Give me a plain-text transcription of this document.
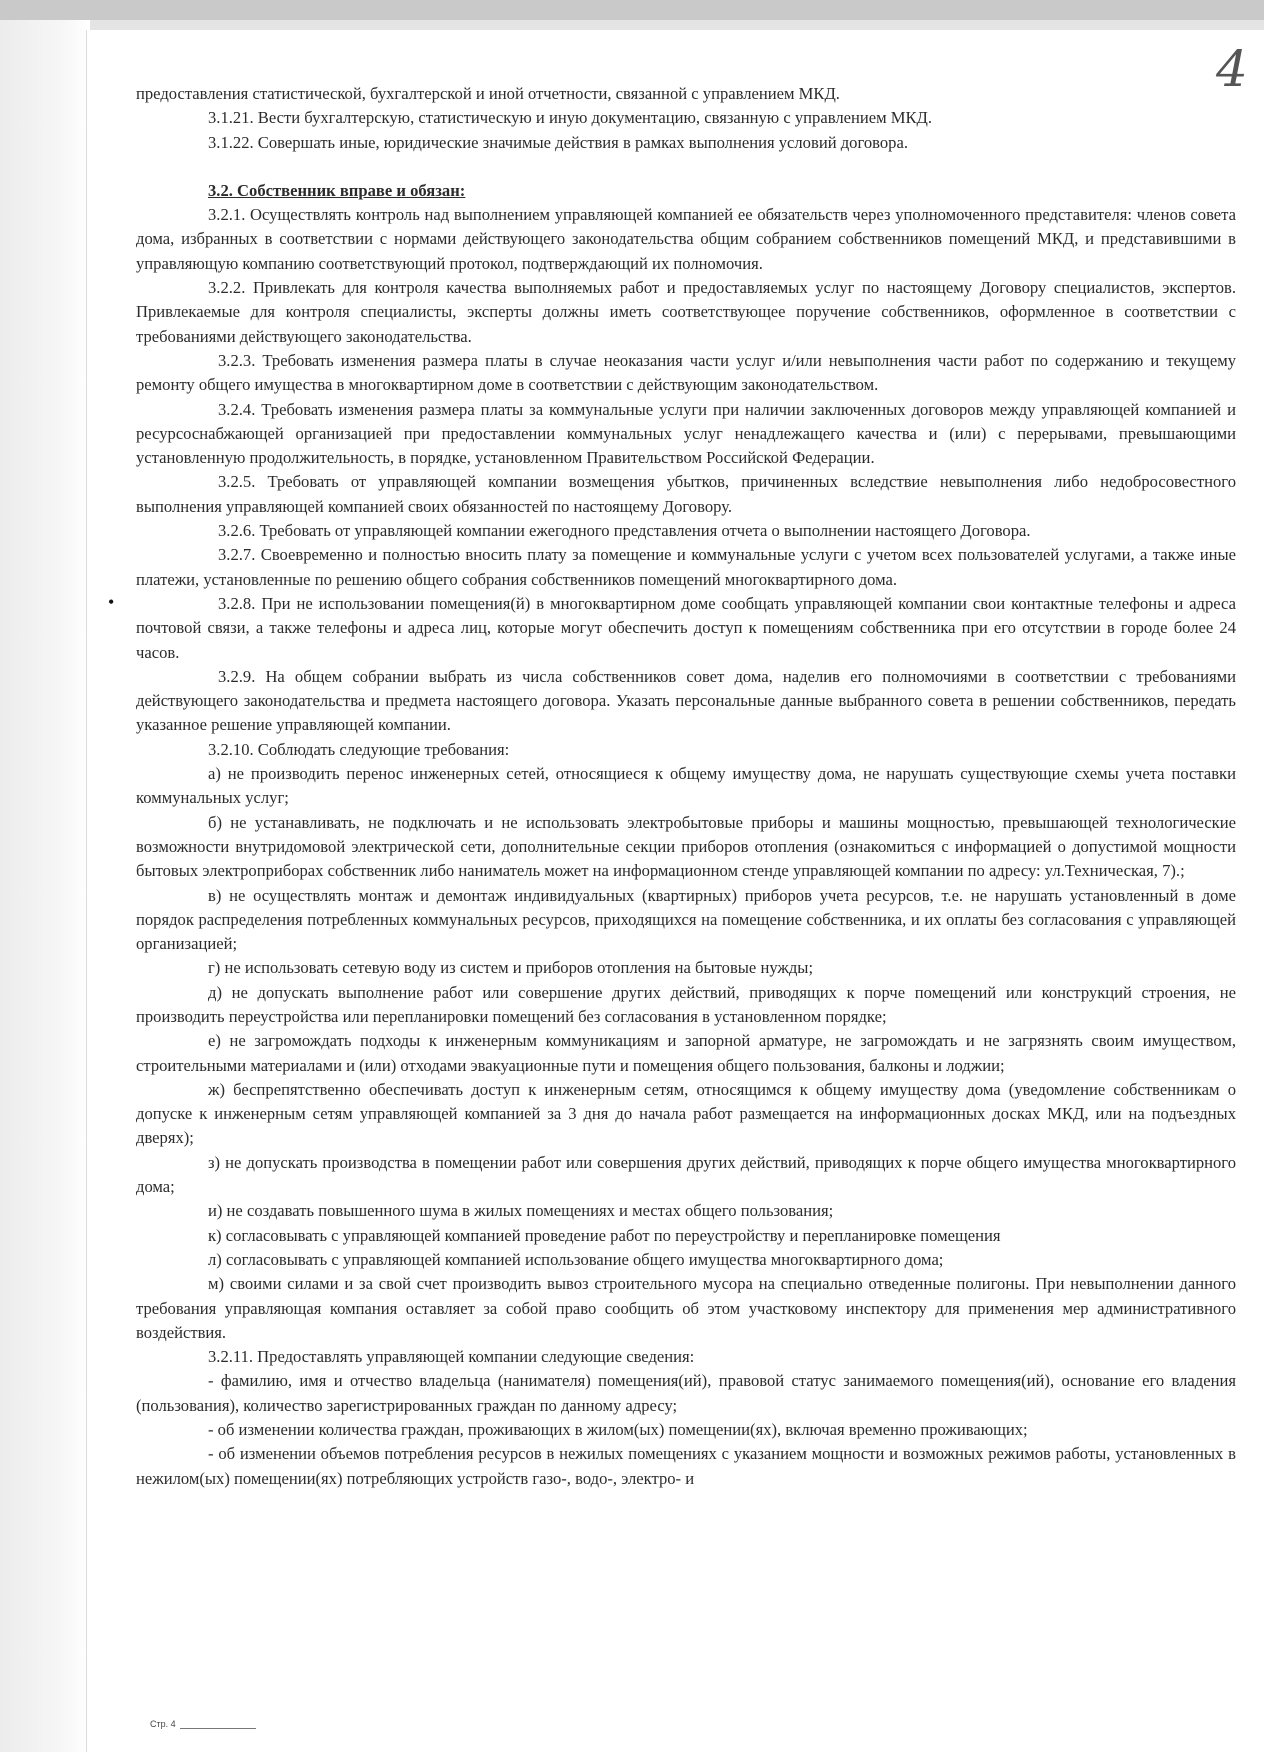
4
•

предоставления статистической, бухгалтерской и иной отчетности, связанной с управлением МКД.

3.1.21. Вести бухгалтерскую, статистическую и иную документацию, связанную с управлением МКД.

3.1.22. Совершать иные, юридические значимые действия в рамках выполнения условий договора.

3.2. Собственник вправе и обязан:

3.2.1. Осуществлять контроль над выполнением управляющей компанией ее обязательств через уполномоченного представителя: членов совета дома, избранных в соответствии с нормами действующего законодательства общим собранием собственников помещений МКД, и представившими в управляющую компанию соответствующий протокол, подтверждающий их полномочия.

3.2.2. Привлекать для контроля качества выполняемых работ и предоставляемых услуг по настоящему Договору специалистов, экспертов. Привлекаемые для контроля специалисты, эксперты должны иметь соответствующее поручение собственников, оформленное в соответствии с требованиями действующего законодательства.

3.2.3. Требовать изменения размера платы в случае неоказания части услуг и/или невыполнения части работ по содержанию и текущему ремонту общего имущества в многоквартирном доме в соответствии с действующим законодательством.

3.2.4. Требовать изменения размера платы за коммунальные услуги при наличии заключенных договоров между управляющей компанией и ресурсоснабжающей организацией при предоставлении коммунальных услуг ненадлежащего качества и (или) с перерывами, превышающими установленную продолжительность, в порядке, установленном Правительством Российской Федерации.

3.2.5. Требовать от управляющей компании возмещения убытков, причиненных вследствие невыполнения либо недобросовестного выполнения управляющей компанией своих обязанностей по настоящему Договору.

3.2.6. Требовать от управляющей компании ежегодного представления отчета о выполнении настоящего Договора.

3.2.7. Своевременно и полностью вносить плату за помещение и коммунальные услуги с учетом всех пользователей услугами, а также иные платежи, установленные по решению общего собрания собственников помещений многоквартирного дома.

3.2.8. При не использовании помещения(й) в многоквартирном доме сообщать управляющей компании свои контактные телефоны и адреса почтовой связи, а также телефоны и адреса лиц, которые могут обеспечить доступ к помещениям собственника при его отсутствии в городе более 24 часов.

3.2.9. На общем собрании выбрать из числа собственников совет дома, наделив его полномочиями в соответствии с требованиями действующего законодательства и предмета настоящего договора. Указать персональные данные выбранного совета в решении собственников, передать указанное решение управляющей компании.

3.2.10. Соблюдать следующие требования:

а) не производить перенос инженерных сетей, относящиеся к общему имуществу дома, не нарушать существующие схемы учета поставки коммунальных услуг;

б) не устанавливать, не подключать и не использовать электробытовые приборы и машины мощностью, превышающей технологические возможности внутридомовой электрической сети, дополнительные секции приборов отопления (ознакомиться с информацией о допустимой мощности бытовых электроприборах собственник либо наниматель может на информационном стенде управляющей компании по адресу: ул.Техническая, 7).;

в) не осуществлять монтаж и демонтаж индивидуальных (квартирных) приборов учета ресурсов, т.е. не нарушать установленный в доме порядок распределения потребленных коммунальных ресурсов, приходящихся на помещение собственника, и их оплаты без согласования с управляющей организацией;

г) не использовать сетевую воду из систем и приборов отопления на бытовые нужды;

д) не допускать выполнение работ или совершение других действий, приводящих к порче помещений или конструкций строения, не производить переустройства или перепланировки помещений без согласования в установленном порядке;

е) не загромождать подходы к инженерным коммуникациям и запорной арматуре, не загромождать и не загрязнять своим имуществом, строительными материалами и (или) отходами эвакуационные пути и помещения общего пользования, балконы и лоджии;

ж) беспрепятственно обеспечивать доступ к инженерным сетям, относящимся к общему имуществу дома (уведомление собственникам о допуске к инженерным сетям управляющей компанией за 3 дня до начала работ размещается на информационных досках МКД, или на подъездных дверях);

з) не допускать производства в помещении работ или совершения других действий, приводящих к порче общего имущества многоквартирного дома;

и) не создавать повышенного шума в жилых помещениях и местах общего пользования;

к) согласовывать с управляющей компанией проведение работ по переустройству и перепланировке помещения

л) согласовывать с управляющей компанией использование общего имущества многоквартирного дома;

м) своими силами и за свой счет производить вывоз строительного мусора на специально отведенные полигоны. При невыполнении данного требования управляющая компания оставляет за собой право сообщить об этом участковому инспектору для применения мер административного воздействия.

3.2.11. Предоставлять управляющей компании следующие сведения:

- фамилию, имя и отчество владельца (нанимателя) помещения(ий), правовой статус занимаемого помещения(ий), основание его владения (пользования), количество зарегистрированных граждан по данному адресу;

- об изменении количества граждан, проживающих в жилом(ых) помещении(ях), включая временно проживающих;

- об изменении объемов потребления ресурсов в нежилых помещениях с указанием мощности и возможных режимов работы, установленных в нежилом(ых) помещении(ях) потребляющих устройств газо-, водо-, электро- и

Стр. 4
